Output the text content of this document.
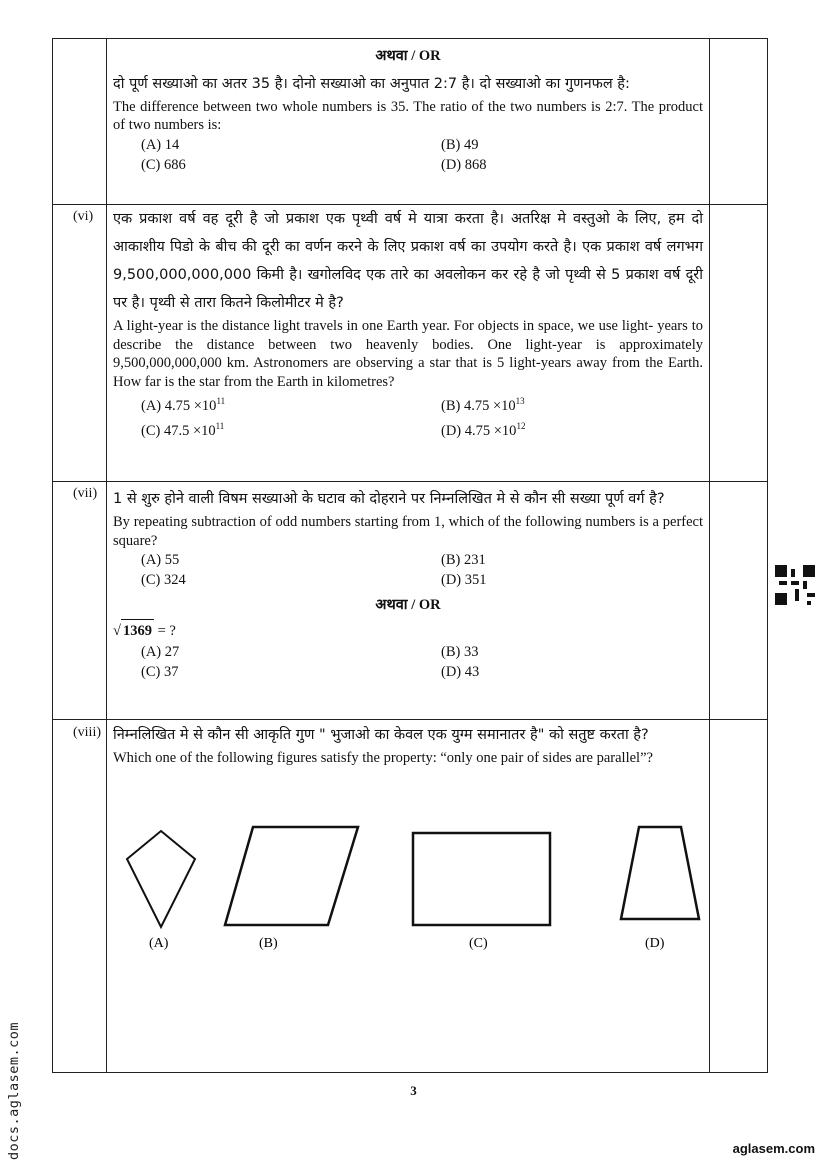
अथवा / OR
दो पूर्ण सख्याओ का अतर 35 है। दोनो सख्याओ का अनुपात 2:7 है। दो सख्याओ का गुणनफल है:
The difference between two whole numbers is 35. The ratio of the two numbers is 2:7. The product of two numbers is:
(A) 14	(B) 49
(C) 686	(D) 868
(vi) एक प्रकाश वर्ष वह दूरी है जो प्रकाश एक पृथ्वी वर्ष मे यात्रा करता है। अतरिक्ष मे वस्तुओ के लिए, हम दो आकाशीय पिडो के बीच की दूरी का वर्णन करने के लिए प्रकाश वर्ष का उपयोग करते है। एक प्रकाश वर्ष लगभग 9,500,000,000,000 किमी है। खगोलविद एक तारे का अवलोकन कर रहे है जो पृथ्वी से 5 प्रकाश वर्ष दूरी पर है। पृथ्वी से तारा कितने किलोमीटर मे है?
A light-year is the distance light travels in one Earth year. For objects in space, we use light- years to describe the distance between two heavenly bodies. One light-year is approximately 9,500,000,000,000 km. Astronomers are observing a star that is 5 light-years away from the Earth. How far is the star from the Earth in kilometres?
(A) $4.75 \times 10^{11}$	(B) $4.75 \times 10^{13}$
(C) $47.5 \times 10^{11}$	(D) $4.75 \times 10^{12}$
(vii) 1 से शुरु होने वाली विषम सख्याओ के घटाव को दोहराने पर निम्नलिखित मे से कौन सी सख्या पूर्ण वर्ग है?
By repeating subtraction of odd numbers starting from 1, which of the following numbers is a perfect square?
(A) 55	(B) 231
(C) 324	(D) 351
अथवा / OR
√ 1369 = ?
(A) 27	(B) 33
(C) 37	(D) 43
(viii) निम्नलिखित मे से कौन सी आकृति गुण " भुजाओ का केवल एक युग्म समानातर है" को सतुष्ट करता है?
Which one of the following figures satisfy the property: “only one pair of sides are parallel”?
(A)	(B)	(C)	(D)
3
aglasem.com
docs.aglasem.com
